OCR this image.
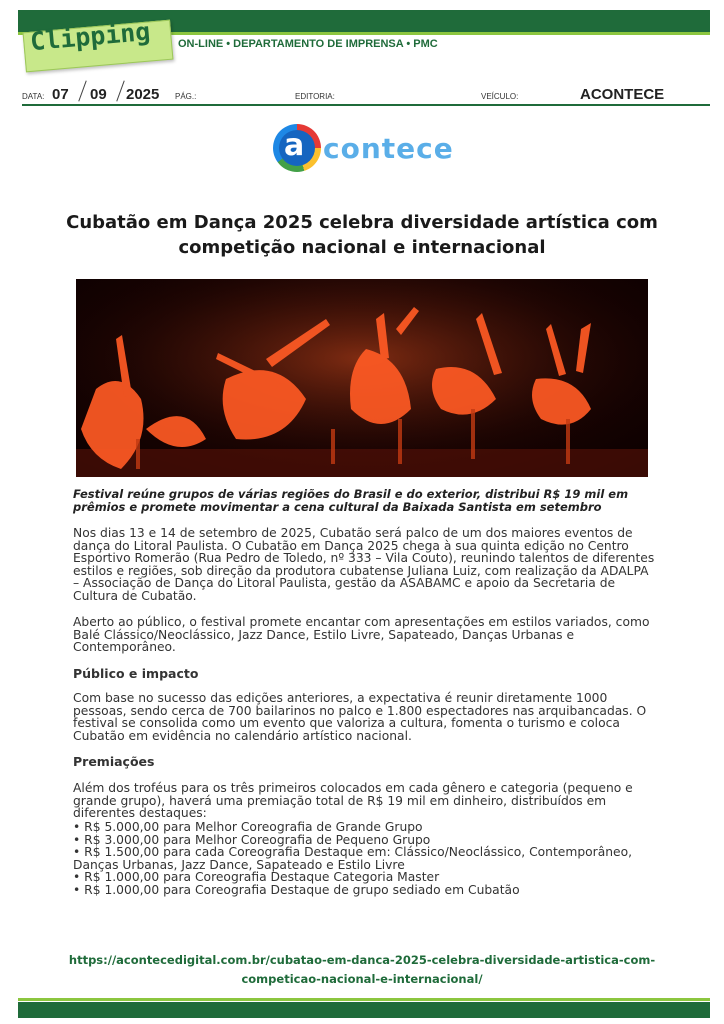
Clipping ON-LINE • DEPARTAMENTO DE IMPRENSA • PMC
DATA: 07 09 2025 PÁG.:	EDITORIA:	VEÍCULO:	ACONTECE
a contece
Cubatão em Dança 2025 celebra diversidade artística com competição nacional e internacional

Festival reúne grupos de várias regiões do Brasil e do exterior, distribui R$ 19 mil em prêmios e promete movimentar a cena cultural da Baixada Santista em setembro

Nos dias 13 e 14 de setembro de 2025, Cubatão será palco de um dos maiores eventos de dança do Litoral Paulista. O Cubatão em Dança 2025 chega à sua quinta edição no Centro Esportivo Romerão (Rua Pedro de Toledo, nº 333 – Vila Couto), reunindo talentos de diferentes estilos e regiões, sob direção da produtora cubatense Juliana Luiz, com realização da ADALPA – Associação de Dança do Litoral Paulista, gestão da ASABAMC e apoio da Secretaria de Cultura de Cubatão.

Aberto ao público, o festival promete encantar com apresentações em estilos variados, como Balé Clássico/Neoclássico, Jazz Dance, Estilo Livre, Sapateado, Danças Urbanas e Contemporâneo.

Público e impacto

Com base no sucesso das edições anteriores, a expectativa é reunir diretamente 1000 pessoas, sendo cerca de 700 bailarinos no palco e 1.800 espectadores nas arquibancadas. O festival se consolida como um evento que valoriza a cultura, fomenta o turismo e coloca Cubatão em evidência no calendário artístico nacional.

Premiações

Além dos troféus para os três primeiros colocados em cada gênero e categoria (pequeno e grande grupo), haverá uma premiação total de R$ 19 mil em dinheiro, distribuídos em diferentes destaques:

• R$ 5.000,00 para Melhor Coreografia de Grande Grupo
• R$ 3.000,00 para Melhor Coreografia de Pequeno Grupo
• R$ 1.500,00 para cada Coreografia Destaque em: Clássico/Neoclássico, Contemporâneo, Danças Urbanas, Jazz Dance, Sapateado e Estilo Livre
• R$ 1.000,00 para Coreografia Destaque Categoria Master
• R$ 1.000,00 para Coreografia Destaque de grupo sediado em Cubatão
https://acontecedigital.com.br/cubatao-em-danca-2025-celebra-diversidade-artistica-com-competicao-nacional-e-internacional/
